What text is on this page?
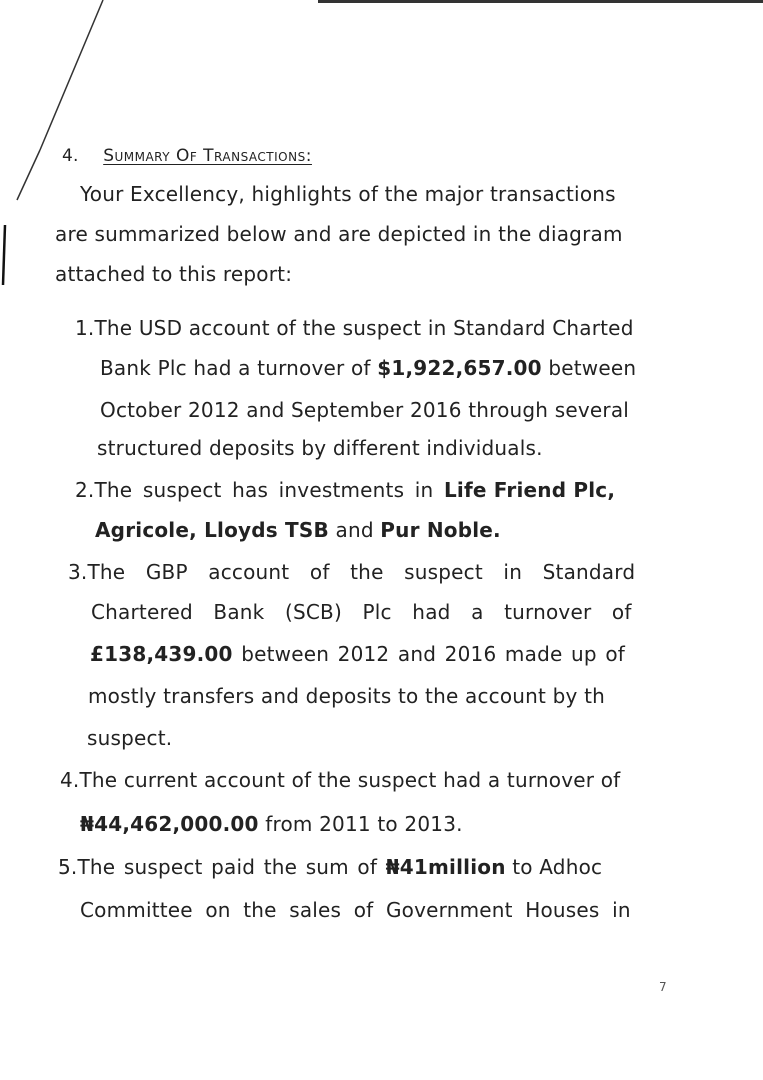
4. Summary Of Transactions:
Your Excellency, highlights of the major transactions
are summarized below and are depicted in the diagram
attached to this report:
1.The USD account of the suspect in Standard Charted
Bank Plc had a turnover of $1,922,657.00 between
October 2012 and September 2016 through several
structured deposits by different individuals.
2.The suspect has investments in Life Friend Plc,
Agricole, Lloyds TSB and Pur Noble.
3.The GBP account of the suspect in Standard
Chartered Bank (SCB) Plc had a turnover of
£138,439.00 between 2012 and 2016 made up of
mostly transfers and deposits to the account by th
suspect.
4.The current account of the suspect had a turnover of
₦44,462,000.00 from 2011 to 2013.
5.The suspect paid the sum of ₦41million to Adhoc
Committee on the sales of Government Houses in
7
